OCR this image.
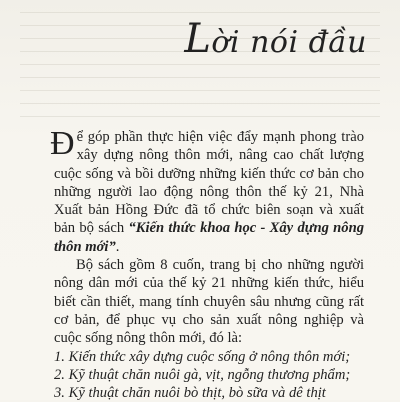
Lời nói đầu

Để góp phần thực hiện việc đẩy mạnh phong trào xây dựng nông thôn mới, nâng cao chất lượng cuộc sống và bồi dưỡng những kiến thức cơ bản cho những người lao động nông thôn thế kỷ 21, Nhà Xuất bản Hồng Đức đã tổ chức biên soạn và xuất bản bộ sách “Kiến thức khoa học - Xây dựng nông thôn mới”.

Bộ sách gồm 8 cuốn, trang bị cho những người nông dân mới của thế kỷ 21 những kiến thức, hiểu biết cần thiết, mang tính chuyên sâu nhưng cũng rất cơ bản, để phục vụ cho sản xuất nông nghiệp và cuộc sống nông thôn mới, đó là:

1. Kiến thức xây dựng cuộc sống ở nông thôn mới;

2. Kỹ thuật chăn nuôi gà, vịt, ngỗng thương phẩm;

3. Kỹ thuật chăn nuôi bò thịt, bò sữa và dê thịt
